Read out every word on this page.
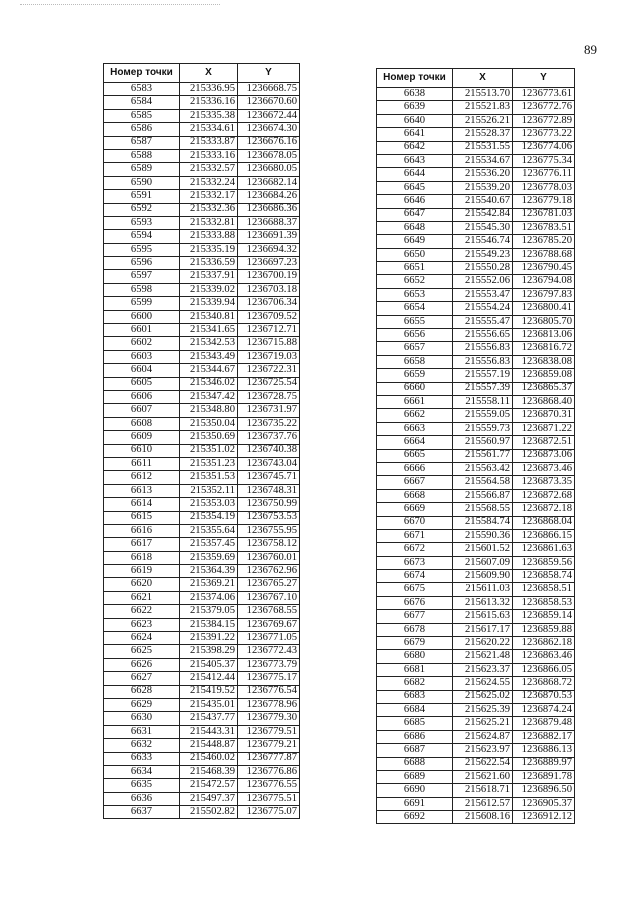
89
Номер точки	X	Y
6583	215336.95	1236668.75
6584	215336.16	1236670.60
6585	215335.38	1236672.44
6586	215334.61	1236674.30
6587	215333.87	1236676.16
6588	215333.16	1236678.05
6589	215332.57	1236680.05
6590	215332.24	1236682.14
6591	215332.17	1236684.26
6592	215332.36	1236686.36
6593	215332.81	1236688.37
6594	215333.88	1236691.39
6595	215335.19	1236694.32
6596	215336.59	1236697.23
6597	215337.91	1236700.19
6598	215339.02	1236703.18
6599	215339.94	1236706.34
6600	215340.81	1236709.52
6601	215341.65	1236712.71
6602	215342.53	1236715.88
6603	215343.49	1236719.03
6604	215344.67	1236722.31
6605	215346.02	1236725.54
6606	215347.42	1236728.75
6607	215348.80	1236731.97
6608	215350.04	1236735.22
6609	215350.69	1236737.76
6610	215351.02	1236740.38
6611	215351.23	1236743.04
6612	215351.53	1236745.71
6613	215352.11	1236748.31
6614	215353.03	1236750.99
6615	215354.19	1236753.53
6616	215355.64	1236755.95
6617	215357.45	1236758.12
6618	215359.69	1236760.01
6619	215364.39	1236762.96
6620	215369.21	1236765.27
6621	215374.06	1236767.10
6622	215379.05	1236768.55
6623	215384.15	1236769.67
6624	215391.22	1236771.05
6625	215398.29	1236772.43
6626	215405.37	1236773.79
6627	215412.44	1236775.17
6628	215419.52	1236776.54
6629	215435.01	1236778.96
6630	215437.77	1236779.30
6631	215443.31	1236779.51
6632	215448.87	1236779.21
6633	215460.02	1236777.87
6634	215468.39	1236776.86
6635	215472.57	1236776.55
6636	215497.37	1236775.51
6637	215502.82	1236775.07
Номер точки	X	Y
6638	215513.70	1236773.61
6639	215521.83	1236772.76
6640	215526.21	1236772.89
6641	215528.37	1236773.22
6642	215531.55	1236774.06
6643	215534.67	1236775.34
6644	215536.20	1236776.11
6645	215539.20	1236778.03
6646	215540.67	1236779.18
6647	215542.84	1236781.03
6648	215545.30	1236783.51
6649	215546.74	1236785.20
6650	215549.23	1236788.68
6651	215550.28	1236790.45
6652	215552.06	1236794.08
6653	215553.47	1236797.83
6654	215554.24	1236800.41
6655	215555.47	1236805.70
6656	215556.65	1236813.06
6657	215556.83	1236816.72
6658	215556.83	1236838.08
6659	215557.19	1236859.08
6660	215557.39	1236865.37
6661	215558.11	1236868.40
6662	215559.05	1236870.31
6663	215559.73	1236871.22
6664	215560.97	1236872.51
6665	215561.77	1236873.06
6666	215563.42	1236873.46
6667	215564.58	1236873.35
6668	215566.87	1236872.68
6669	215568.55	1236872.18
6670	215584.74	1236868.04
6671	215590.36	1236866.15
6672	215601.52	1236861.63
6673	215607.09	1236859.56
6674	215609.90	1236858.74
6675	215611.03	1236858.51
6676	215613.32	1236858.53
6677	215615.63	1236859.14
6678	215617.17	1236859.88
6679	215620.22	1236862.18
6680	215621.48	1236863.46
6681	215623.37	1236866.05
6682	215624.55	1236868.72
6683	215625.02	1236870.53
6684	215625.39	1236874.24
6685	215625.21	1236879.48
6686	215624.87	1236882.17
6687	215623.97	1236886.13
6688	215622.54	1236889.97
6689	215621.60	1236891.78
6690	215618.71	1236896.50
6691	215612.57	1236905.37
6692	215608.16	1236912.12
